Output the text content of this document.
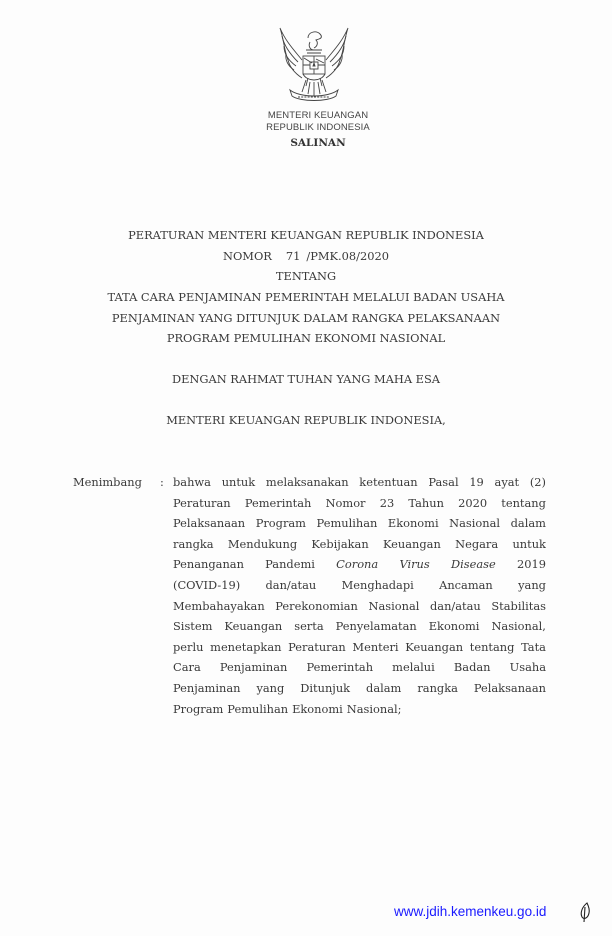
MENTERI KEUANGAN
REPUBLIK INDONESIA
SALINAN
PERATURAN MENTERI KEUANGAN REPUBLIK INDONESIA
NOMOR 71 /PMK.08/2020
TENTANG
TATA CARA PENJAMINAN PEMERINTAH MELALUI BADAN USAHA
PENJAMINAN YANG DITUNJUK DALAM RANGKA PELAKSANAAN
PROGRAM PEMULIHAN EKONOMI NASIONAL
DENGAN RAHMAT TUHAN YANG MAHA ESA
MENTERI KEUANGAN REPUBLIK INDONESIA,
Menimbang : bahwa untuk melaksanakan ketentuan Pasal 19 ayat (2)
Peraturan Pemerintah Nomor 23 Tahun 2020 tentang
Pelaksanaan Program Pemulihan Ekonomi Nasional dalam
rangka Mendukung Kebijakan Keuangan Negara untuk
Penanganan Pandemi Corona Virus Disease 2019
(COVID-19) dan/atau Menghadapi Ancaman yang
Membahayakan Perekonomian Nasional dan/atau Stabilitas
Sistem Keuangan serta Penyelamatan Ekonomi Nasional,
perlu menetapkan Peraturan Menteri Keuangan tentang Tata
Cara Penjaminan Pemerintah melalui Badan Usaha
Penjaminan yang Ditunjuk dalam rangka Pelaksanaan
Program Pemulihan Ekonomi Nasional;
www.jdih.kemenkeu.go.id
